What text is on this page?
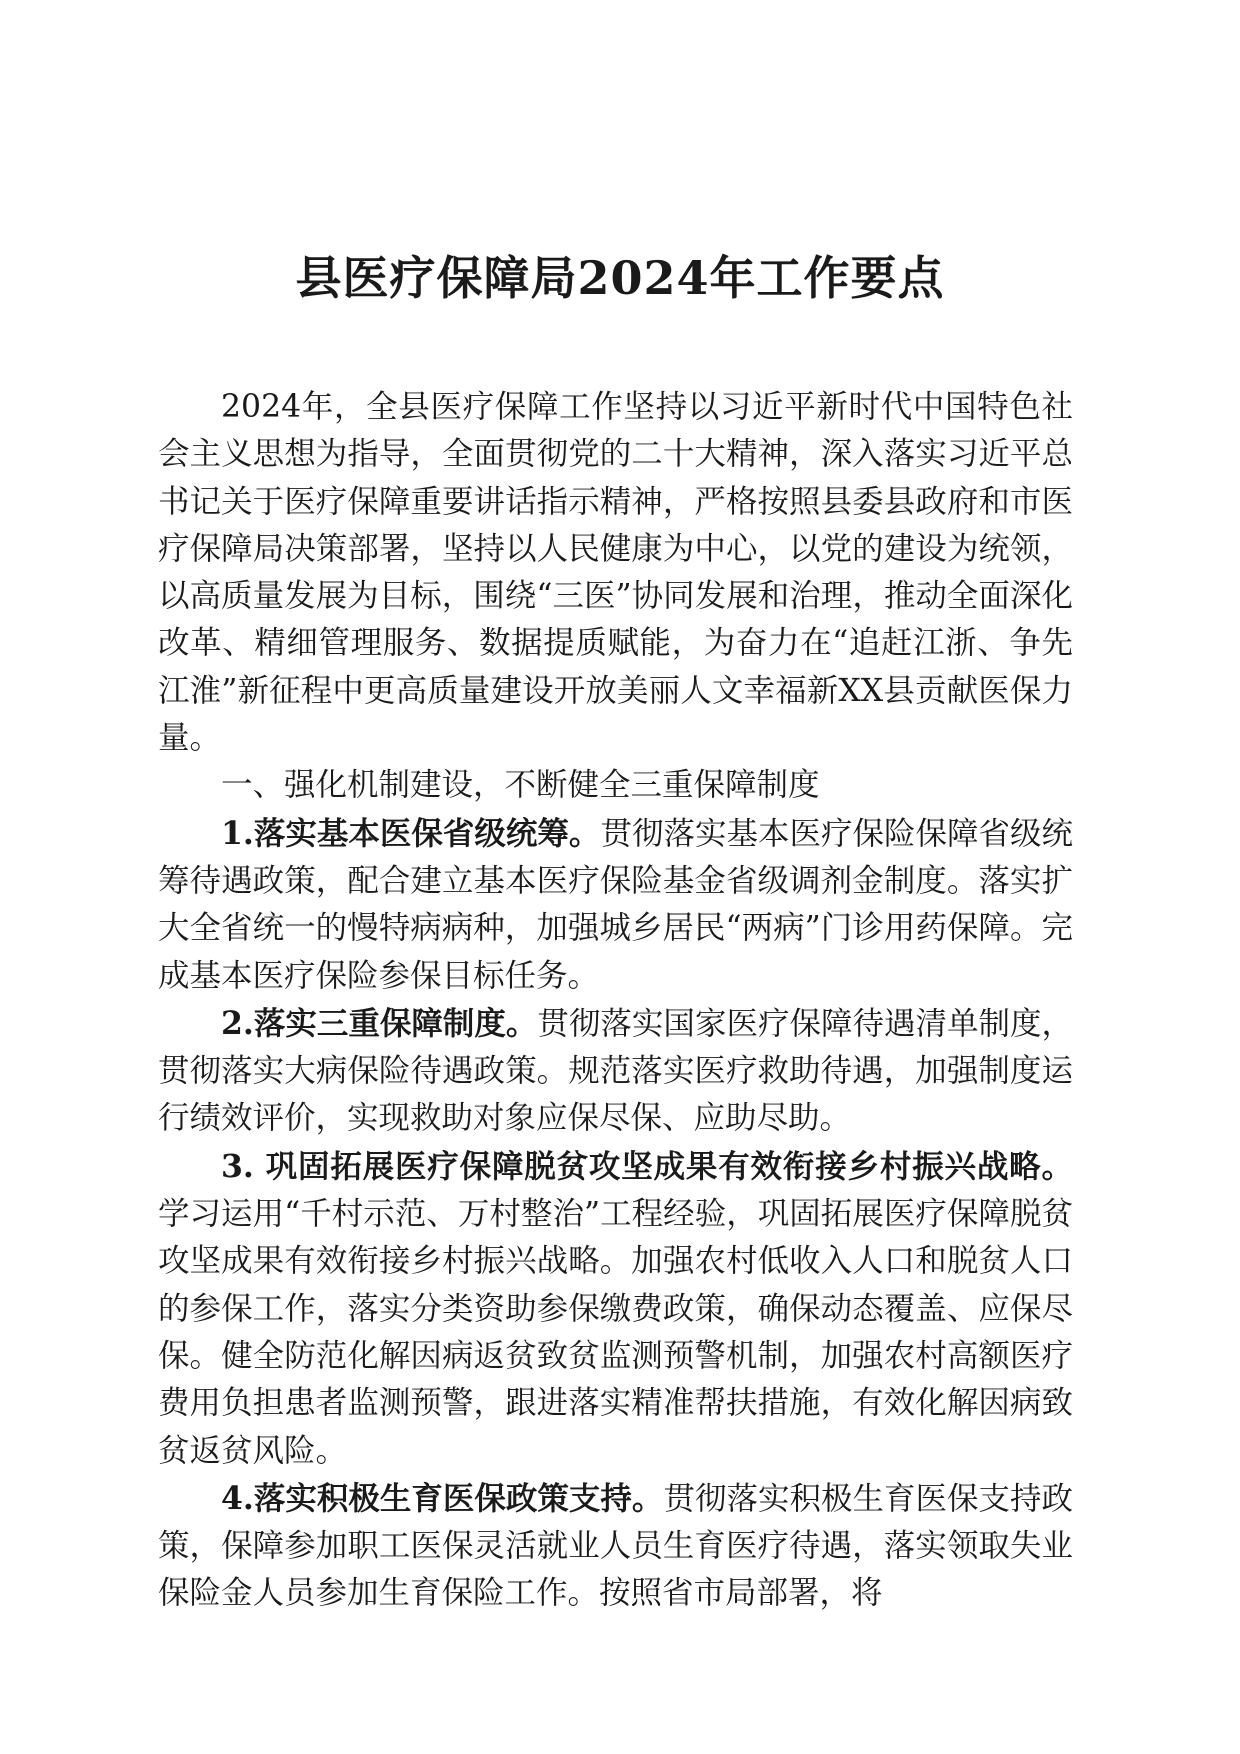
县医疗保障局2024年工作要点

2024年，全县医疗保障工作坚持以习近平新时代中国特色社会主义思想为指导，全面贯彻党的二十大精神，深入落实习近平总书记关于医疗保障重要讲话指示精神，严格按照县委县政府和市医疗保障局决策部署，坚持以人民健康为中心，以党的建设为统领，以高质量发展为目标，围绕“三医”协同发展和治理，推动全面深化改革、精细管理服务、数据提质赋能，为奋力在“追赶江浙、争先江淮”新征程中更高质量建设开放美丽人文幸福新XX县贡献医保力量。

一、强化机制建设，不断健全三重保障制度

1.落实基本医保省级统筹。贯彻落实基本医疗保险保障省级统筹待遇政策，配合建立基本医疗保险基金省级调剂金制度。落实扩大全省统一的慢特病病种，加强城乡居民“两病”门诊用药保障。完成基本医疗保险参保目标任务。

2.落实三重保障制度。贯彻落实国家医疗保障待遇清单制度，贯彻落实大病保险待遇政策。规范落实医疗救助待遇，加强制度运行绩效评价，实现救助对象应保尽保、应助尽助。

3. 巩固拓展医疗保障脱贫攻坚成果有效衔接乡村振兴战略。学习运用“千村示范、万村整治”工程经验，巩固拓展医疗保障脱贫攻坚成果有效衔接乡村振兴战略。加强农村低收入人口和脱贫人口的参保工作，落实分类资助参保缴费政策，确保动态覆盖、应保尽保。健全防范化解因病返贫致贫监测预警机制，加强农村高额医疗费用负担患者监测预警，跟进落实精准帮扶措施，有效化解因病致贫返贫风险。

4.落实积极生育医保政策支持。贯彻落实积极生育医保支持政策，保障参加职工医保灵活就业人员生育医疗待遇，落实领取失业保险金人员参加生育保险工作。按照省市局部署，将
